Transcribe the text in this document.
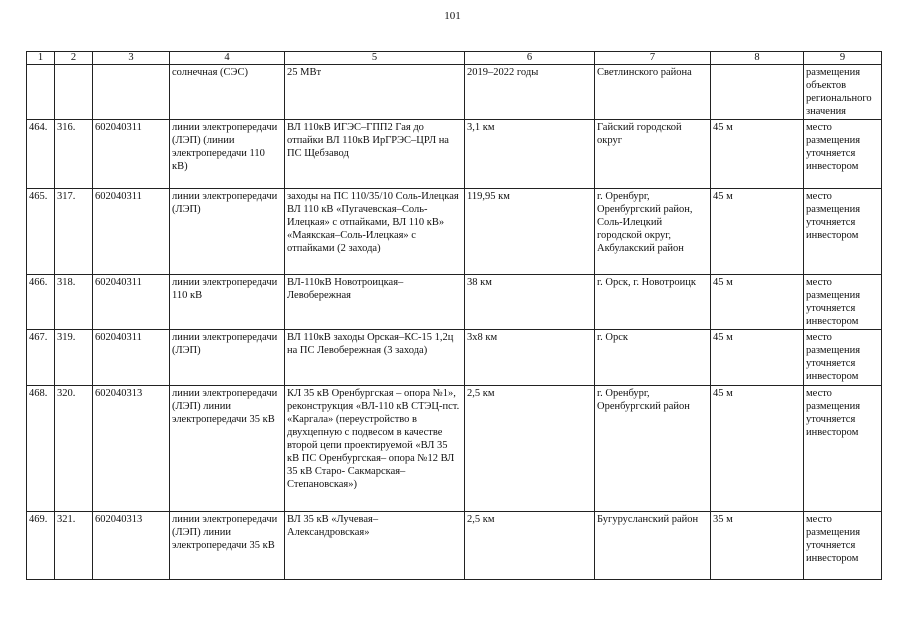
101
1	2	3	4	5	6	7	8	9
			солнечная (СЭС)	25 МВт	2019–2022 годы	Светлинского района		размещения объектов регионального значения
464.	316.	602040311	линии электропередачи (ЛЭП) (линии электропередачи 110 кВ)	ВЛ 110кВ ИГЭС–ГПП2 Гая до отпайки ВЛ 110кВ ИрГРЭС–ЦРЛ на ПС Щебзавод	3,1 км	Гайский городской округ	45 м	место размещения уточняется инвестором
465.	317.	602040311	линии электропередачи (ЛЭП)	заходы на ПС 110/35/10 Соль-Илецкая ВЛ 110 кВ «Пугачевская–Соль-Илецкая» с отпайками, ВЛ 110 кВ» «Маякская–Соль-Илецкая» с отпайками (2 захода)	119,95 км	г. Оренбург, Оренбургский район, Соль-Илецкий городской округ, Акбулакский район	45 м	место размещения уточняется инвестором
466.	318.	602040311	линии электропередачи 110 кВ	ВЛ-110кВ Новотроицкая– Левобережная	38 км	г. Орск, г. Новотроицк	45 м	место размещения уточняется инвестором
467.	319.	602040311	линии электропередачи (ЛЭП)	ВЛ 110кВ заходы Орская–КС-15 1,2ц на ПС Левобережная (3 захода)	3х8 км	г. Орск	45 м	место размещения уточняется инвестором
468.	320.	602040313	линии электропередачи (ЛЭП) линии электропередачи 35 кВ	КЛ 35 кВ Оренбургская – опора №1», реконструкция «ВЛ-110 кВ СТЭЦ-пст. «Каргала» (переустройство в двухцепную с подвесом в качестве второй цепи проектируемой «ВЛ 35 кВ ПС Оренбургская– опора №12 ВЛ 35 кВ Старо- Сакмарская–Степановская»)	2,5 км	г. Оренбург, Оренбургский район	45 м	место размещения уточняется инвестором
469.	321.	602040313	линии электропередачи (ЛЭП) линии электропередачи 35 кВ	ВЛ 35 кВ «Лучевая– Александровская»	2,5 км	Бугурусланский район	35 м	место размещения уточняется инвестором
